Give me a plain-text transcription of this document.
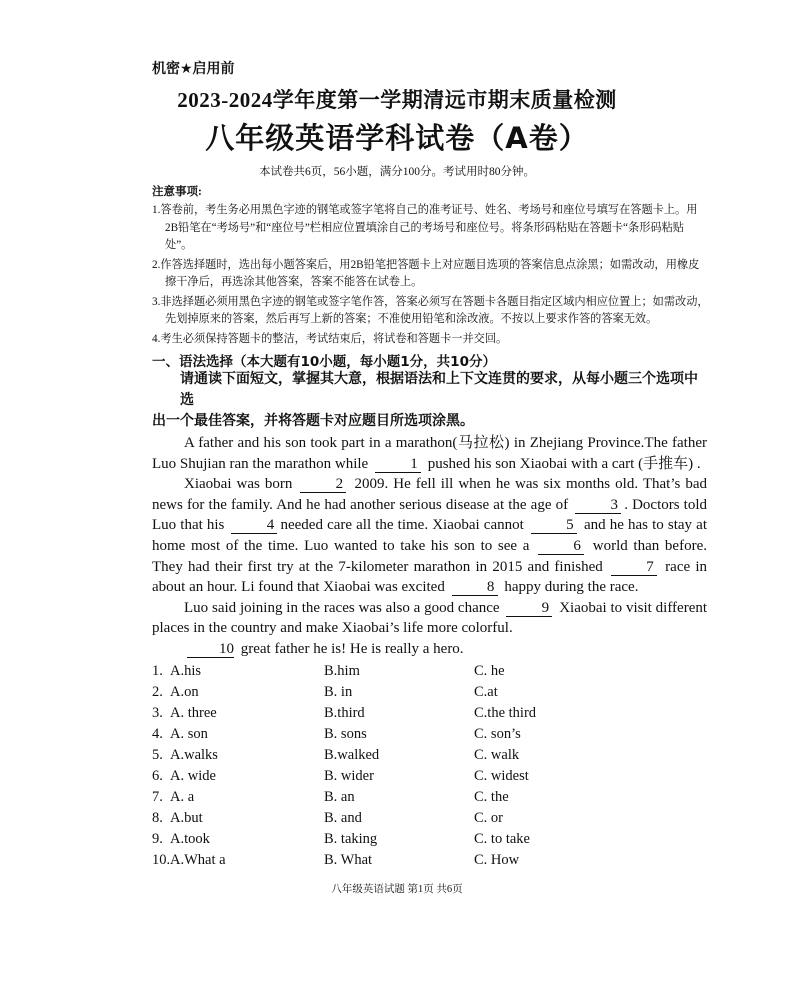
机密★启用前
2023-2024学年度第一学期清远市期末质量检测
八年级英语学科试卷（A卷）
本试卷共6页，56小题，满分100分。考试用时80分钟。
注意事项:

1.答卷前，考生务必用黑色字迹的钢笔或签字笔将自己的准考证号、姓名、考场号和座位号填写在答题卡上。用2B铅笔在“考场号”和“座位号”栏相应位置填涂自己的考场号和座位号。将条形码粘贴在答题卡“条形码粘贴处”。

2.作答选择题时，选出每小题答案后，用2B铅笔把答题卡上对应题目选项的答案信息点涂黑；如需改动，用橡皮擦干净后，再选涂其他答案，答案不能答在试卷上。

3.非选择题必须用黑色字迹的钢笔或签字笔作答，答案必须写在答题卡各题目指定区域内相应位置上；如需改动，先划掉原来的答案，然后再写上新的答案；不准使用铅笔和涂改液。不按以上要求作答的答案无效。

4.考生必须保持答题卡的整洁，考试结束后，将试卷和答题卡一并交回。

一、语法选择（本大题有10小题，每小题1分，共10分）
请通读下面短文，掌握其大意，根据语法和上下文连贯的要求，从每小题三个选项中选
出一个最佳答案，并将答题卡对应题目所选项涂黑。

A father and his son took part in a marathon(马拉松) in Zhejiang Province.The father Luo Shujian ran the marathon while	1 pushed his son Xiaobai with a cart (手推车) .

Xiaobai was born	2 2009. He fell ill when he was six months old. That’s bad news for the family. And he had another serious disease at the age of	3 . Doctors told Luo that his	4 needed care all the time. Xiaobai cannot	5 and he has to stay at home most of the time. Luo wanted to take his son to see a	6 world than before. They had their first try at the 7-kilometer marathon in 2015 and finished	7 race in about an hour. Li found that Xiaobai was excited	8 happy during the race.

Luo said joining in the races was also a good chance	9 Xiaobai to visit different places in the country and make Xiaobai’s life more colorful.

10 great father he is! He is really a hero.

1. A.his	B.him	C. he
2. A.on	B. in	C.at
3. A. three	B.third	C.the third
4. A. son	B. sons	C. son’s
5. A.walks	B.walked	C. walk
6. A. wide	B. wider	C. widest
7. A. a	B. an	C. the
8. A.but	B. and	C. or
9. A.took	B. taking	C. to take
10. A.What a	B. What	C. How
八年级英语试题 第1页 共6页
